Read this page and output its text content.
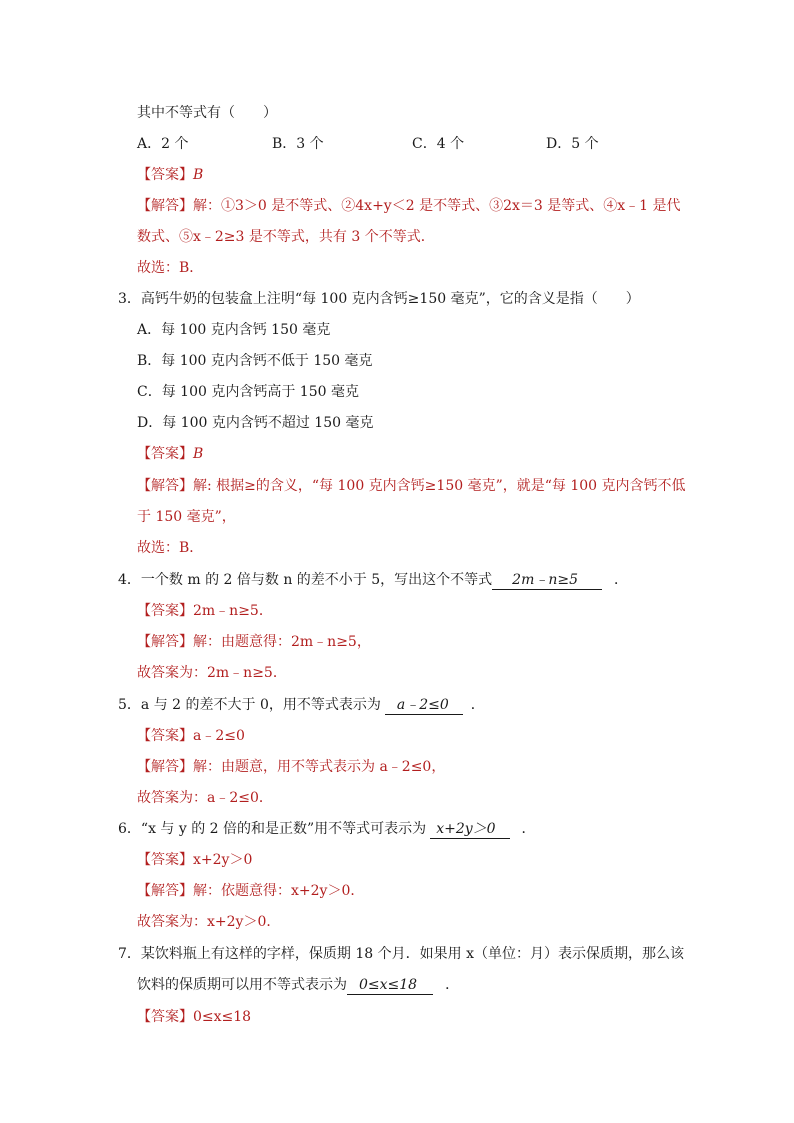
其中不等式有（　　）
A．2 个	B．3 个	C．4 个	D．5 个
【答案】B
【解答】解：①3＞0 是不等式、②4x+y＜2 是不等式、③2x＝3 是等式、④x﹣1 是代
数式、⑤x﹣2≥3 是不等式，共有 3 个不等式．
故选：B．
3．高钙牛奶的包装盒上注明“每 100 克内含钙≥150 毫克”，它的含义是指（　　）
A．每 100 克内含钙 150 毫克
B．每 100 克内含钙不低于 150 毫克
C．每 100 克内含钙高于 150 毫克
D．每 100 克内含钙不超过 150 毫克
【答案】B
【解答】解: 根据≥的含义，“每 100 克内含钙≥150 毫克”，就是“每 100 克内含钙不低
于 150 毫克”，
故选：B．
4．一个数 m 的 2 倍与数 n 的差不小于 5，写出这个不等式 2m﹣n≥5	．
【答案】2m﹣n≥5．
【解答】解：由题意得：2m﹣n≥5，
故答案为：2m﹣n≥5．
5．a 与 2 的差不大于 0，用不等式表示为 a﹣2≤0 ．
【答案】a﹣2≤0
【解答】解：由题意，用不等式表示为 a﹣2≤0，
故答案为：a﹣2≤0．
6．“x 与 y 的 2 倍的和是正数”用不等式可表示为 x+2y＞0 ．
【答案】x+2y＞0
【解答】解：依题意得：x+2y＞0．
故答案为：x+2y＞0．
7．某饮料瓶上有这样的字样，保质期 18 个月．如果用 x（单位：月）表示保质期，那么该
饮料的保质期可以用不等式表示为 0≤x≤18 ．
【答案】0≤x≤18
